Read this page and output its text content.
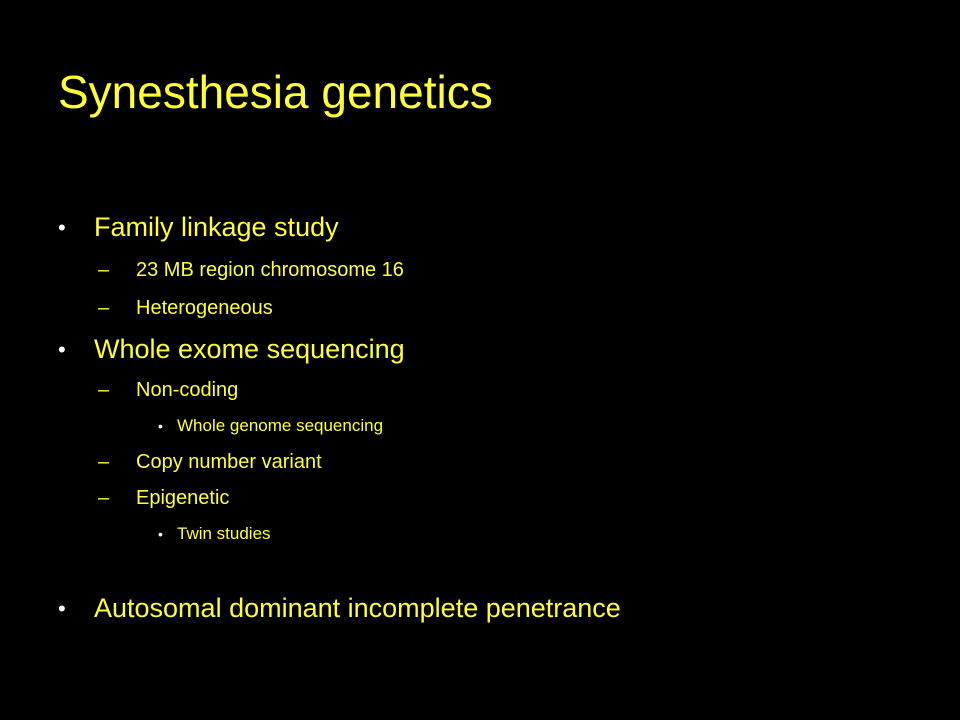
Synesthesia genetics
•	Family linkage study
–	23 MB region chromosome 16
–	Heterogeneous
•	Whole exome sequencing
–	Non-coding
• Whole genome sequencing
–	Copy number variant
–	Epigenetic
• Twin studies
•	Autosomal dominant incomplete penetrance
